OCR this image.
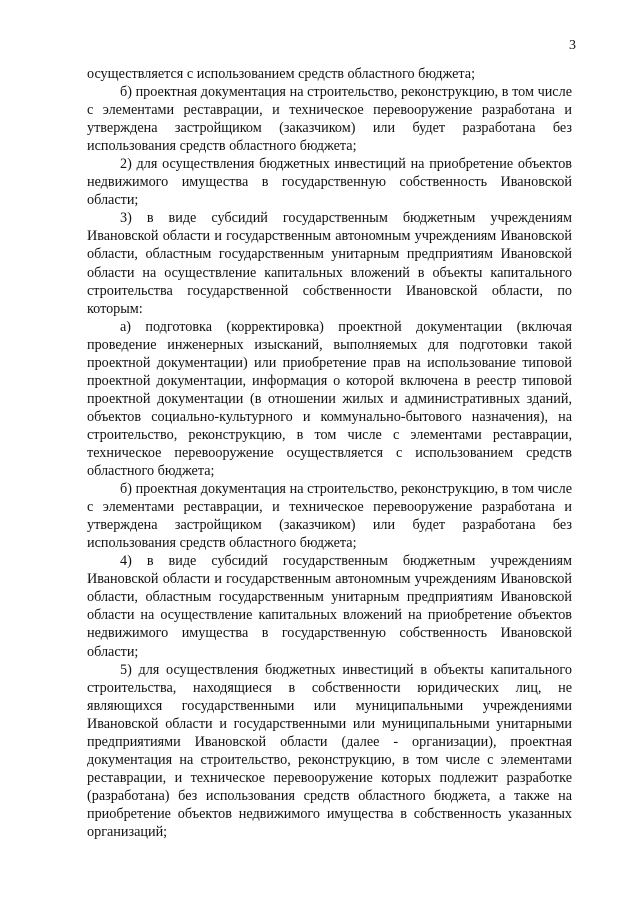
3

осуществляется с использованием средств областного бюджета;

б) проектная документация на строительство, реконструкцию, в том числе с элементами реставрации, и техническое перевооружение разработана и утверждена застройщиком (заказчиком) или будет разработана без использования средств областного бюджета;

2) для осуществления бюджетных инвестиций на приобретение объектов недвижимого имущества в государственную собственность Ивановской области;

3) в виде субсидий государственным бюджетным учреждениям Ивановской области и государственным автономным учреждениям Ивановской области, областным государственным унитарным предприятиям Ивановской области на осуществление капитальных вложений в объекты капитального строительства государственной собственности Ивановской области, по которым:

а) подготовка (корректировка) проектной документации (включая проведение инженерных изысканий, выполняемых для подготовки такой проектной документации) или приобретение прав на использование типовой проектной документации, информация о которой включена в реестр типовой проектной документации (в отношении жилых и административных зданий, объектов социально-культурного и коммунально-бытового назначения), на строительство, реконструкцию, в том числе с элементами реставрации, техническое перевооружение осуществляется с использованием средств областного бюджета;

б) проектная документация на строительство, реконструкцию, в том числе с элементами реставрации, и техническое перевооружение разработана и утверждена застройщиком (заказчиком) или будет разработана без использования средств областного бюджета;

4) в виде субсидий государственным бюджетным учреждениям Ивановской области и государственным автономным учреждениям Ивановской области, областным государственным унитарным предприятиям Ивановской области на осуществление капитальных вложений на приобретение объектов недвижимого имущества в государственную собственность Ивановской области;

5) для осуществления бюджетных инвестиций в объекты капитального строительства, находящиеся в собственности юридических лиц, не являющихся государственными или муниципальными учреждениями Ивановской области и государственными или муниципальными унитарными предприятиями Ивановской области (далее - организации), проектная документация на строительство, реконструкцию, в том числе с элементами реставрации, и техническое перевооружение которых подлежит разработке (разработана) без использования средств областного бюджета, а также на приобретение объектов недвижимого имущества в собственность указанных организаций;
